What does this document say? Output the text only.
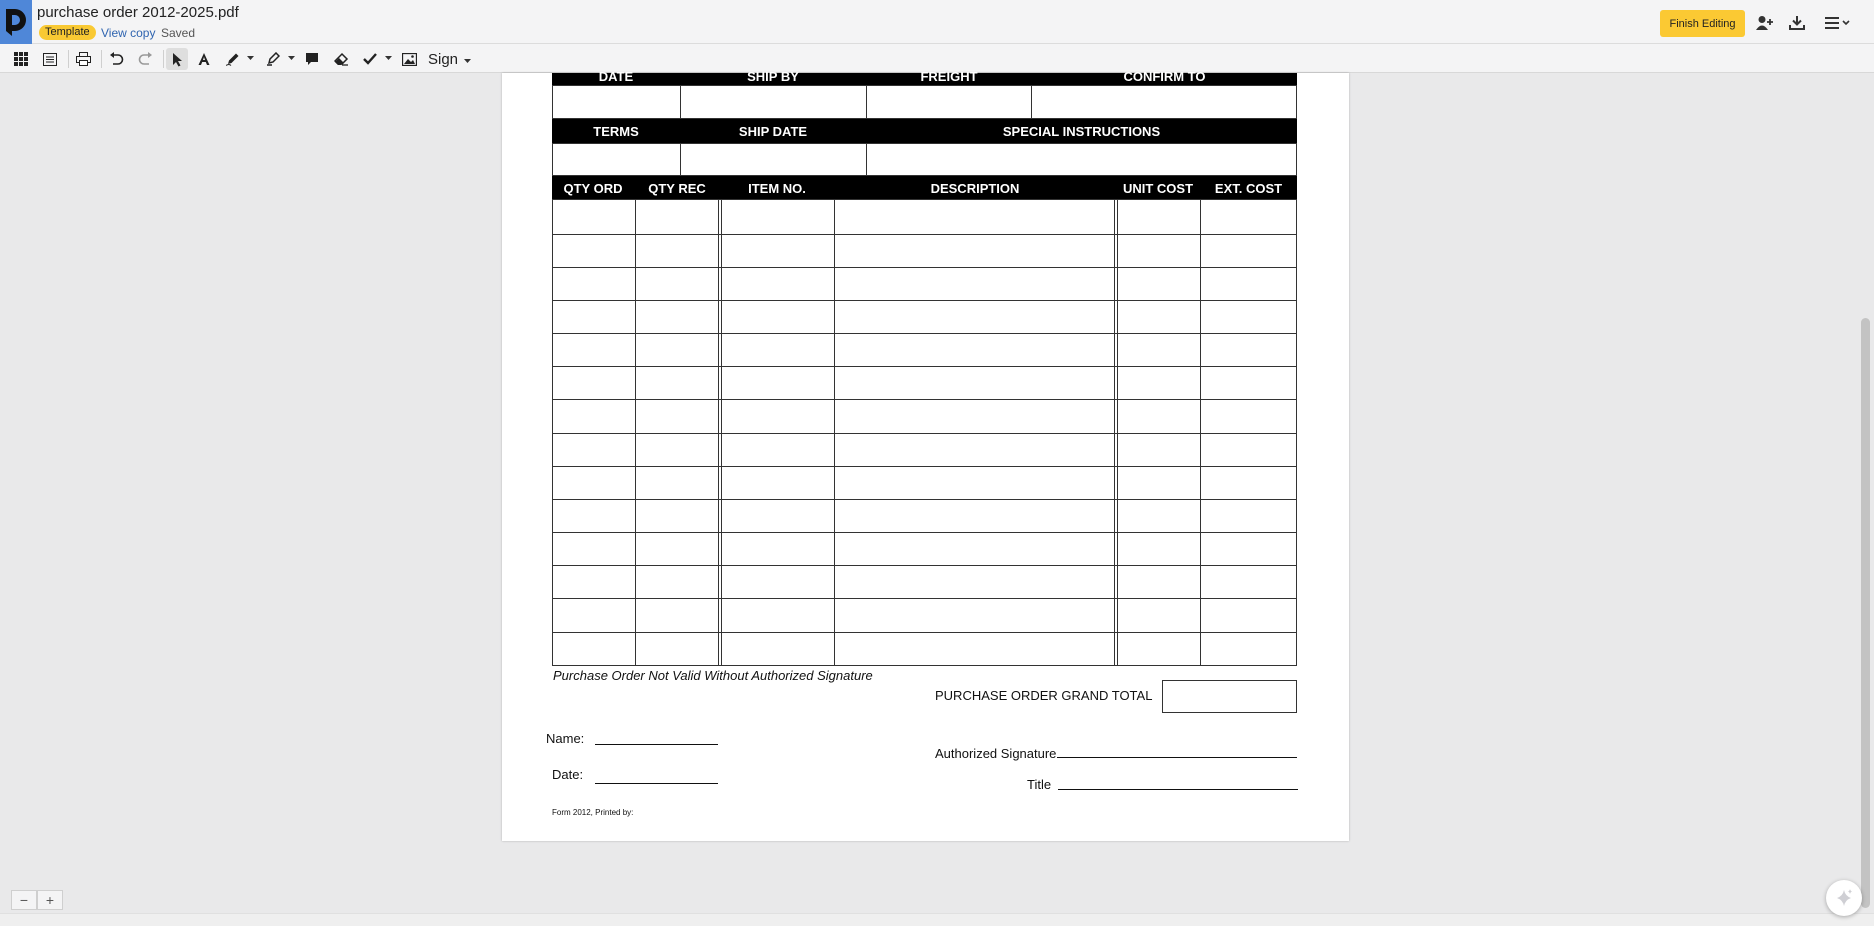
purchase order 2012-2025.pdf
Template View copy Saved
Finish Editing
Sign
DATE	SHIP BY	FREIGHT	CONFIRM TO
TERMS	SHIP DATE	SPECIAL INSTRUCTIONS
QTY ORD	QTY REC	ITEM NO.	DESCRIPTION	UNIT COST	EXT. COST
Purchase Order Not Valid Without Authorized Signature
PURCHASE ORDER GRAND TOTAL
Name:
Date:
Authorized Signature
Title
Form 2012, Printed by:
−	+
